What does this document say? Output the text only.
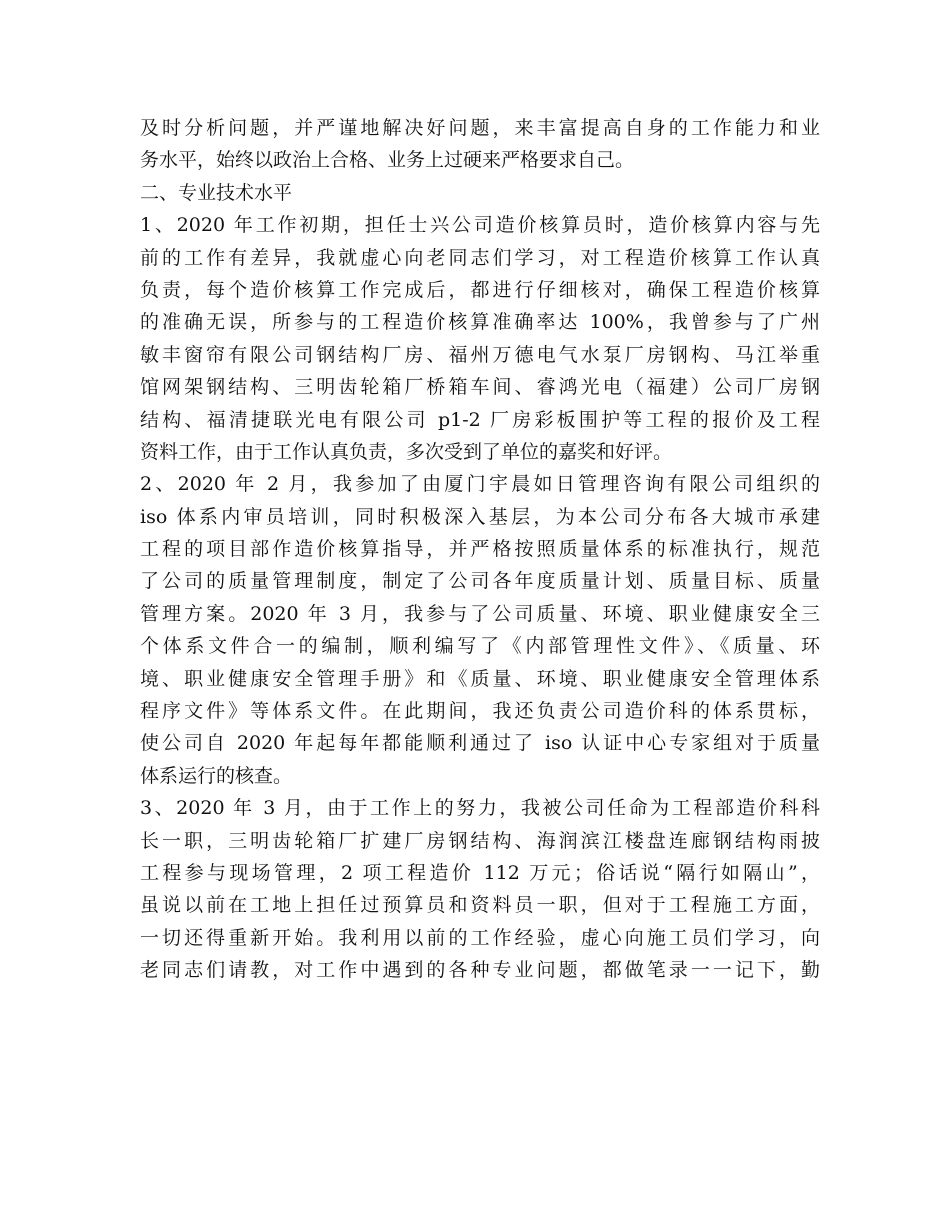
及时分析问题，并严谨地解决好问题，来丰富提高自身的工作能力和业
务水平，始终以政治上合格、业务上过硬来严格要求自己。
二、专业技术水平
1、2020 年工作初期，担任士兴公司造价核算员时，造价核算内容与先
前的工作有差异，我就虚心向老同志们学习，对工程造价核算工作认真
负责，每个造价核算工作完成后，都进行仔细核对，确保工程造价核算
的准确无误，所参与的工程造价核算准确率达 100%，我曾参与了广州
敏丰窗帘有限公司钢结构厂房、福州万德电气水泵厂房钢构、马江举重
馆网架钢结构、三明齿轮箱厂桥箱车间、睿鸿光电（福建）公司厂房钢
结构、福清捷联光电有限公司 p1-2 厂房彩板围护等工程的报价及工程
资料工作，由于工作认真负责，多次受到了单位的嘉奖和好评。
2、2020 年 2 月，我参加了由厦门宇晨如日管理咨询有限公司组织的
iso 体系内审员培训，同时积极深入基层，为本公司分布各大城市承建
工程的项目部作造价核算指导，并严格按照质量体系的标准执行，规范
了公司的质量管理制度，制定了公司各年度质量计划、质量目标、质量
管理方案。2020 年 3 月，我参与了公司质量、环境、职业健康安全三
个体系文件合一的编制，顺利编写了《内部管理性文件》、《质量、环
境、职业健康安全管理手册》和《质量、环境、职业健康安全管理体系
程序文件》等体系文件。在此期间，我还负责公司造价科的体系贯标，
使公司自 2020 年起每年都能顺利通过了 iso 认证中心专家组对于质量
体系运行的核查。
3、2020 年 3 月，由于工作上的努力，我被公司任命为工程部造价科科
长一职，三明齿轮箱厂扩建厂房钢结构、海润滨江楼盘连廊钢结构雨披
工程参与现场管理，2 项工程造价 112 万元；俗话说“隔行如隔山”，
虽说以前在工地上担任过预算员和资料员一职，但对于工程施工方面，
一切还得重新开始。我利用以前的工作经验，虚心向施工员们学习，向
老同志们请教，对工作中遇到的各种专业问题，都做笔录一一记下，勤
